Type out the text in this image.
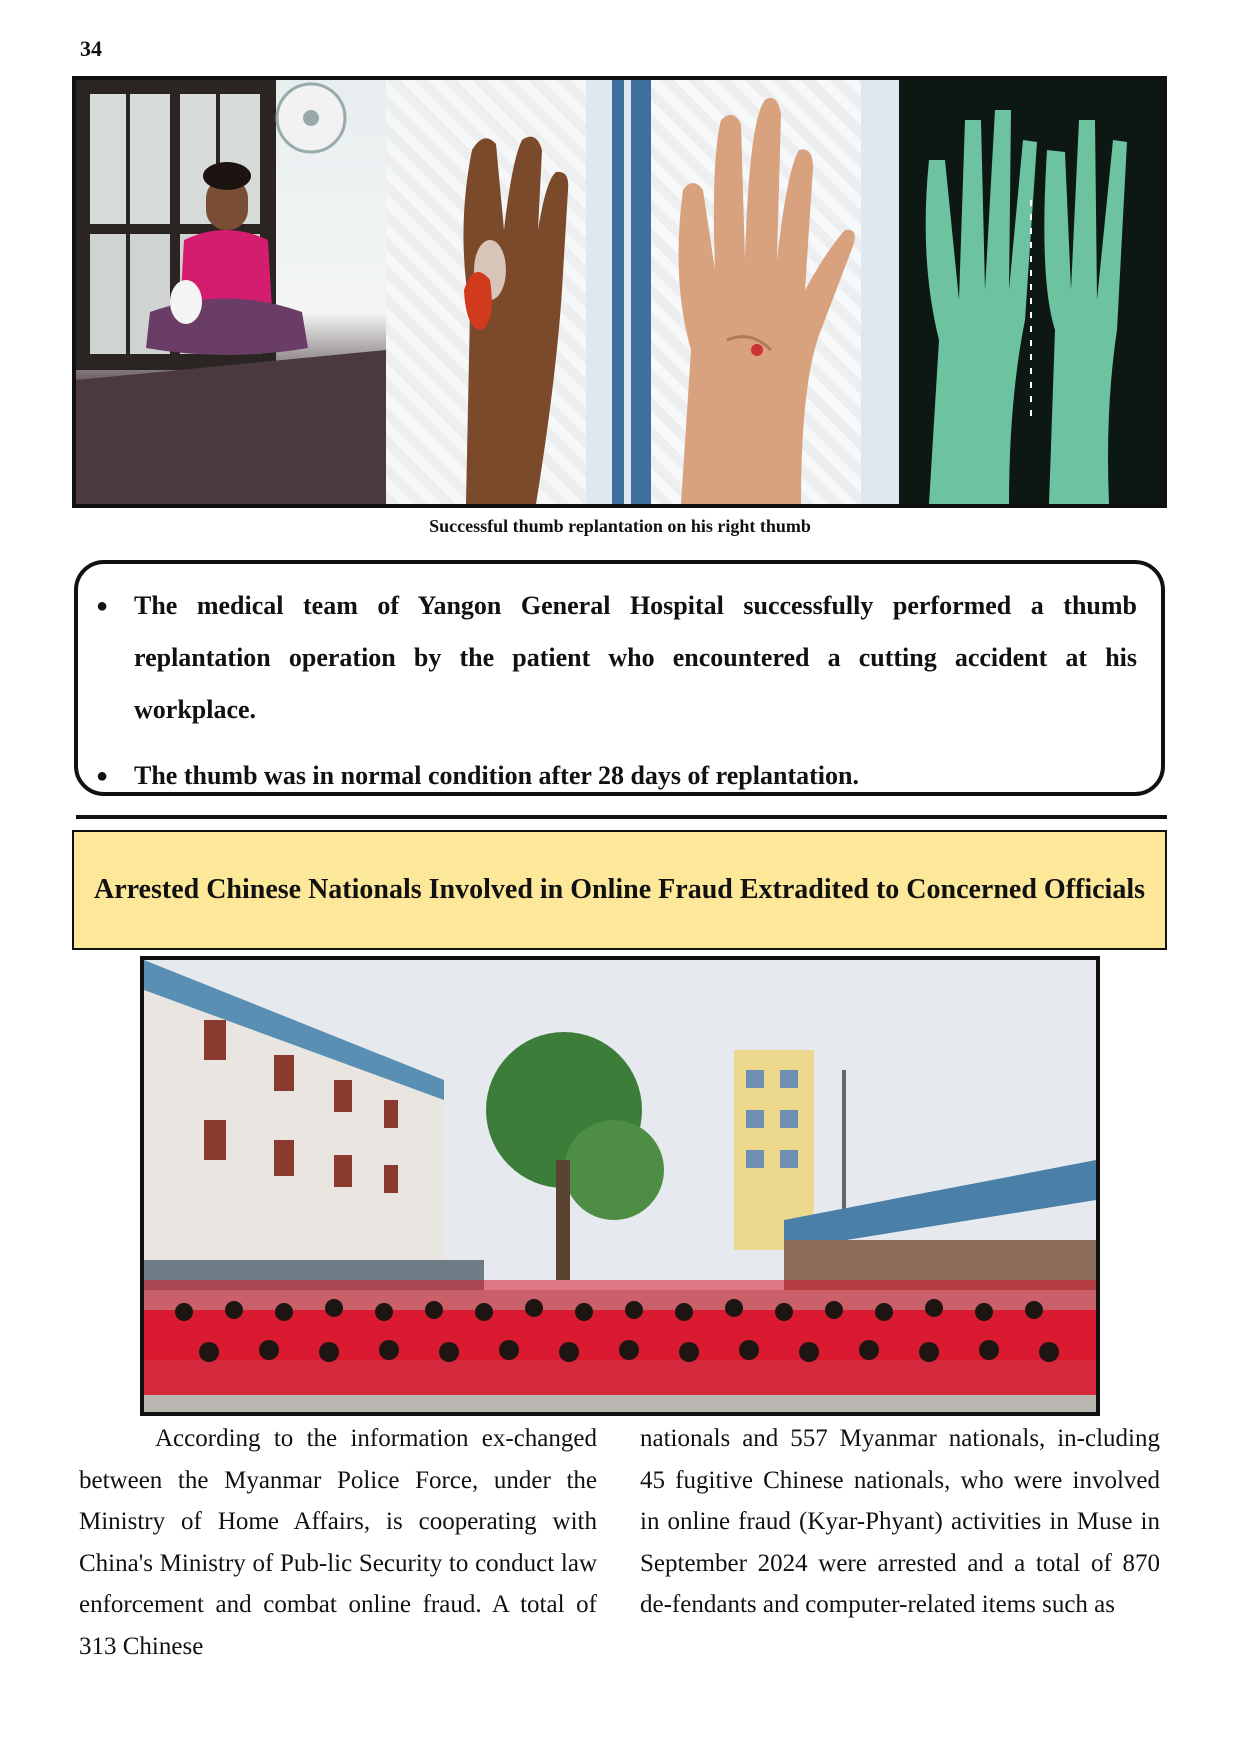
34
Successful thumb replantation on his right thumb
● The medical team of Yangon General Hospital successfully performed a thumb replantation operation by the patient who encountered a cutting accident at his workplace.
● The thumb was in normal condition after 28 days of replantation.
Arrested Chinese Nationals Involved in Online Fraud Extradited to Concerned Officials

According to the information ex-changed between the Myanmar Police Force, under the Ministry of Home Affairs, is cooperating with China's Ministry of Pub-lic Security to conduct law enforcement and combat online fraud. A total of 313 Chinese

nationals and 557 Myanmar nationals, in-cluding 45 fugitive Chinese nationals, who were involved in online fraud (Kyar-Phyant) activities in Muse in September 2024 were arrested and a total of 870 de-fendants and computer-related items such as
